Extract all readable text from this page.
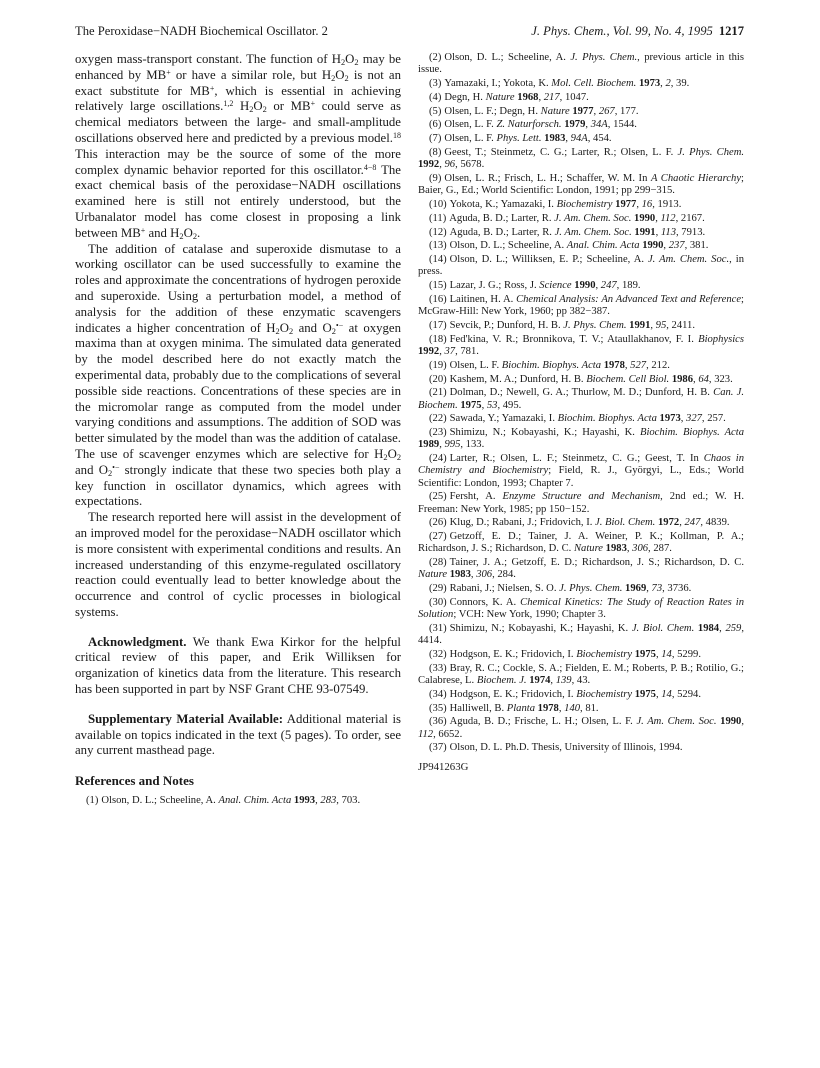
The Peroxidase−NADH Biochemical Oscillator. 2	J. Phys. Chem., Vol. 99, No. 4, 1995 1217

oxygen mass-transport constant. The function of $H_2O_2$ may be enhanced by MB+ or have a similar role, but $H_2O_2$ is not an exact substitute for MB+, which is essential in achieving relatively large oscillations.$^{1,2}$ $H_2O_2$ or MB+ could serve as chemical mediators between the large- and small-amplitude oscillations observed here and predicted by a previous model.$^{18}$ This interaction may be the source of some of the more complex dynamic behavior reported for this oscillator.$^{4-8}$ The exact chemical basis of the peroxidase−NADH oscillations examined here is still not entirely understood, but the Urbanalator model has come closest in proposing a link between MB+ and $H_2O_2$.

The addition of catalase and superoxide dismutase to a working oscillator can be used successfully to examine the roles and approximate the concentrations of hydrogen peroxide and superoxide. Using a perturbation model, a method of analysis for the addition of these enzymatic scavengers indicates a higher concentration of $H_2O_2$ and $O_2^{•-}$ at oxygen maxima than at oxygen minima. The simulated data generated by the model described here do not exactly match the experimental data, probably due to the complications of several possible side reactions. Concentrations of these species are in the micromolar range as computed from the model under varying conditions and assumptions. The addition of SOD was better simulated by the model than was the addition of catalase. The use of scavenger enzymes which are selective for $H_2O_2$ and $O_2^{•-}$ strongly indicate that these two species both play a key function in oscillator dynamics, which agrees with expectations.

The research reported here will assist in the development of an improved model for the peroxidase−NADH oscillator which is more consistent with experimental conditions and results. An increased understanding of this enzyme-regulated oscillatory reaction could eventually lead to better knowledge about the occurrence and control of cyclic processes in biological systems.

Acknowledgment. We thank Ewa Kirkor for the helpful critical review of this paper, and Erik Williksen for organization of kinetics data from the literature. This research has been supported in part by NSF Grant CHE 93-07549.

Supplementary Material Available: Additional material is available on topics indicated in the text (5 pages). To order, see any current masthead page.

References and Notes

(1) Olson, D. L.; Scheeline, A. Anal. Chim. Acta 1993, 283, 703.

(2) Olson, D. L.; Scheeline, A. J. Phys. Chem., previous article in this issue.

(3) Yamazaki, I.; Yokota, K. Mol. Cell. Biochem. 1973, 2, 39.

(4) Degn, H. Nature 1968, 217, 1047.

(5) Olsen, L. F.; Degn, H. Nature 1977, 267, 177.

(6) Olsen, L. F. Z. Naturforsch. 1979, 34A, 1544.

(7) Olsen, L. F. Phys. Lett. 1983, 94A, 454.

(8) Geest, T.; Steinmetz, C. G.; Larter, R.; Olsen, L. F. J. Phys. Chem. 1992, 96, 5678.

(9) Olsen, L. R.; Frisch, L. H.; Schaffer, W. M. In A Chaotic Hierarchy; Baier, G., Ed.; World Scientific: London, 1991; pp 299−315.

(10) Yokota, K.; Yamazaki, I. Biochemistry 1977, 16, 1913.

(11) Aguda, B. D.; Larter, R. J. Am. Chem. Soc. 1990, 112, 2167.

(12) Aguda, B. D.; Larter, R. J. Am. Chem. Soc. 1991, 113, 7913.

(13) Olson, D. L.; Scheeline, A. Anal. Chim. Acta 1990, 237, 381.

(14) Olson, D. L.; Williksen, E. P.; Scheeline, A. J. Am. Chem. Soc., in press.

(15) Lazar, J. G.; Ross, J. Science 1990, 247, 189.

(16) Laitinen, H. A. Chemical Analysis: An Advanced Text and Reference; McGraw-Hill: New York, 1960; pp 382−387.

(17) Sevcik, P.; Dunford, H. B. J. Phys. Chem. 1991, 95, 2411.

(18) Fed'kina, V. R.; Bronnikova, T. V.; Ataullakhanov, F. I. Biophysics 1992, 37, 781.

(19) Olsen, L. F. Biochim. Biophys. Acta 1978, 527, 212.

(20) Kashem, M. A.; Dunford, H. B. Biochem. Cell Biol. 1986, 64, 323.

(21) Dolman, D.; Newell, G. A.; Thurlow, M. D.; Dunford, H. B. Can. J. Biochem. 1975, 53, 495.

(22) Sawada, Y.; Yamazaki, I. Biochim. Biophys. Acta 1973, 327, 257.

(23) Shimizu, N.; Kobayashi, K.; Hayashi, K. Biochim. Biophys. Acta 1989, 995, 133.

(24) Larter, R.; Olsen, L. F.; Steinmetz, C. G.; Geest, T. In Chaos in Chemistry and Biochemistry; Field, R. J., Györgyi, L., Eds.; World Scientific: London, 1993; Chapter 7.

(25) Fersht, A. Enzyme Structure and Mechanism, 2nd ed.; W. H. Freeman: New York, 1985; pp 150−152.

(26) Klug, D.; Rabani, J.; Fridovich, I. J. Biol. Chem. 1972, 247, 4839.

(27) Getzoff, E. D.; Tainer, J. A. Weiner, P. K.; Kollman, P. A.; Richardson, J. S.; Richardson, D. C. Nature 1983, 306, 287.

(28) Tainer, J. A.; Getzoff, E. D.; Richardson, J. S.; Richardson, D. C. Nature 1983, 306, 284.

(29) Rabani, J.; Nielsen, S. O. J. Phys. Chem. 1969, 73, 3736.

(30) Connors, K. A. Chemical Kinetics: The Study of Reaction Rates in Solution; VCH: New York, 1990; Chapter 3.

(31) Shimizu, N.; Kobayashi, K.; Hayashi, K. J. Biol. Chem. 1984, 259, 4414.

(32) Hodgson, E. K.; Fridovich, I. Biochemistry 1975, 14, 5299.

(33) Bray, R. C.; Cockle, S. A.; Fielden, E. M.; Roberts, P. B.; Rotilio, G.; Calabrese, L. Biochem. J. 1974, 139, 43.

(34) Hodgson, E. K.; Fridovich, I. Biochemistry 1975, 14, 5294.

(35) Halliwell, B. Planta 1978, 140, 81.

(36) Aguda, B. D.; Frische, L. H.; Olsen, L. F. J. Am. Chem. Soc. 1990, 112, 6652.

(37) Olson, D. L. Ph.D. Thesis, University of Illinois, 1994.

JP941263G
